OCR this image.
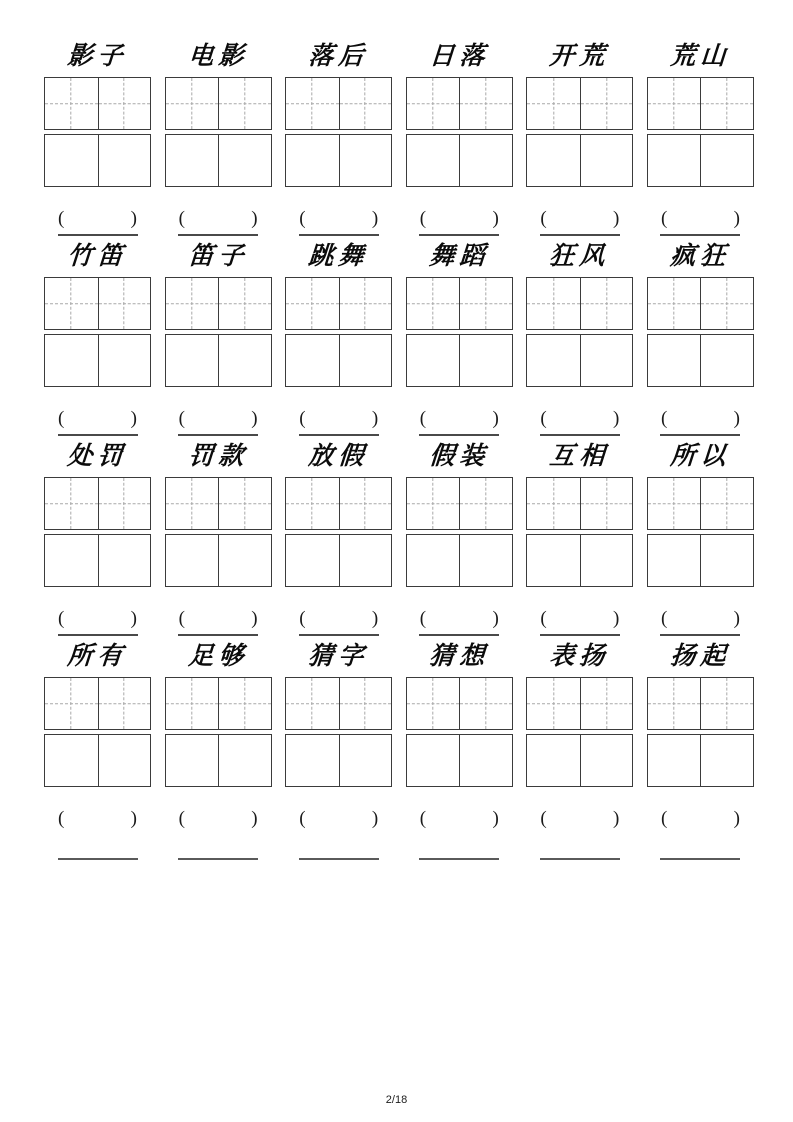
影子
(	)
电影
(	)
落后
(	)
日落
(	)
开荒
(	)
荒山
(	)
竹笛
(	)
笛子
(	)
跳舞
(	)
舞蹈
(	)
狂风
(	)
疯狂
(	)
处罚
(	)
罚款
(	)
放假
(	)
假装
(	)
互相
(	)
所以
(	)
所有
(	)
足够
(	)
猜字
(	)
猜想
(	)
表扬
(	)
扬起
(	)
2/18
